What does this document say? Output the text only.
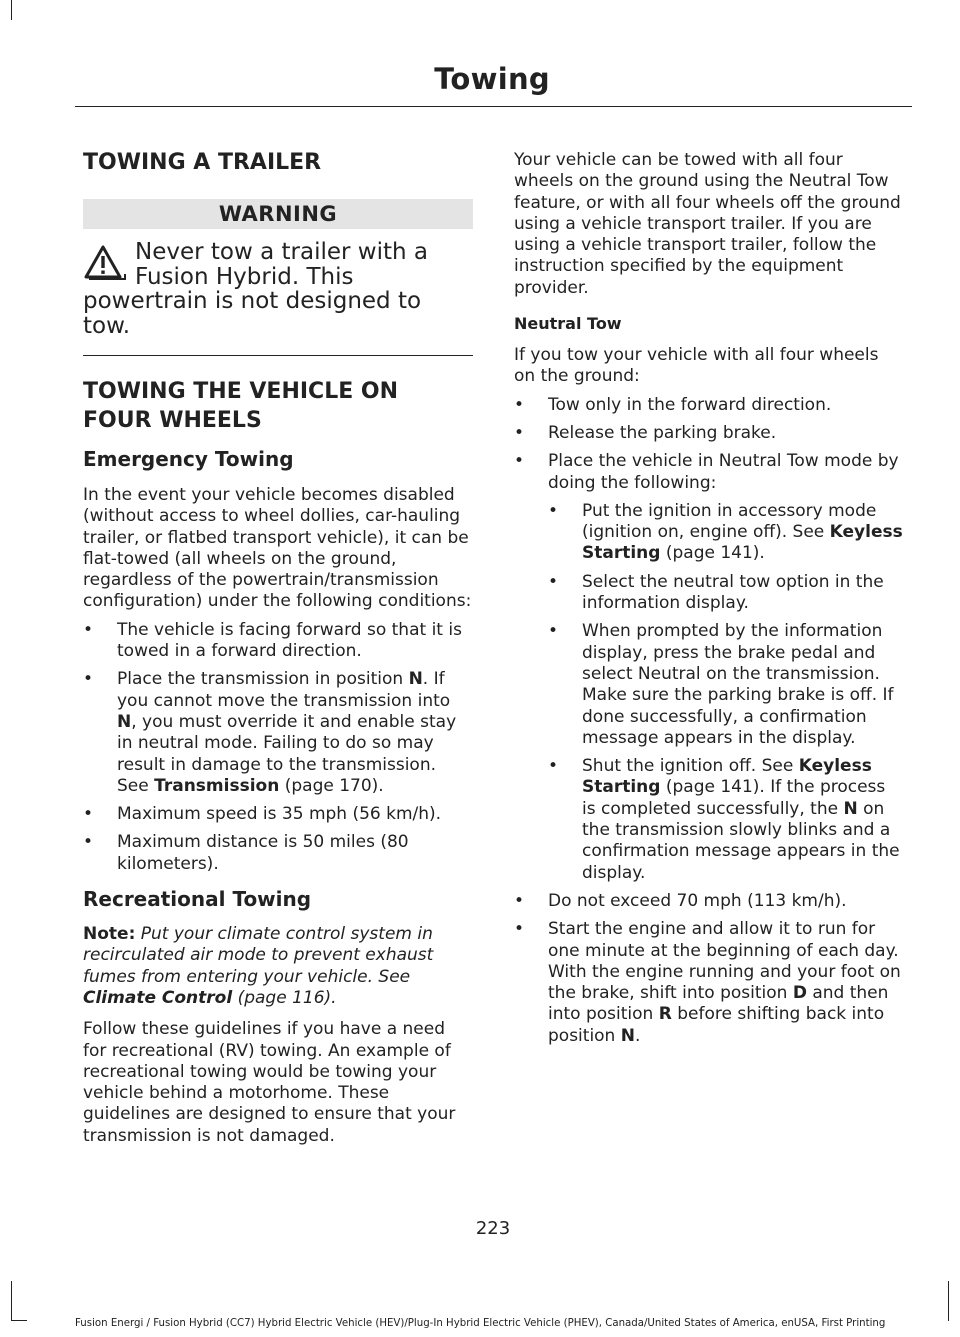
Towing
TOWING A TRAILER
WARNING
Never tow a trailer with a Fusion Hybrid. This powertrain is not designed to tow.
TOWING THE VEHICLE ON
FOUR WHEELS
Emergency Towing

In the event your vehicle becomes disabled (without access to wheel dollies, car-hauling trailer, or flatbed transport vehicle), it can be flat-towed (all wheels on the ground, regardless of the powertrain/transmission configuration) under the following conditions:

• The vehicle is facing forward so that it is towed in a forward direction.
• Place the transmission in position N. If you cannot move the transmission into N, you must override it and enable stay in neutral mode. Failing to do so may result in damage to the transmission. See Transmission (page 170).
• Maximum speed is 35 mph (56 km/h).
• Maximum distance is 50 miles (80 kilometers).
Recreational Towing

Note: Put your climate control system in recirculated air mode to prevent exhaust fumes from entering your vehicle. See Climate Control (page 116).

Follow these guidelines if you have a need for recreational (RV) towing. An example of recreational towing would be towing your vehicle behind a motorhome. These guidelines are designed to ensure that your transmission is not damaged.

Your vehicle can be towed with all four wheels on the ground using the Neutral Tow feature, or with all four wheels off the ground using a vehicle transport trailer. If you are using a vehicle transport trailer, follow the instruction specified by the equipment provider.

Neutral Tow

If you tow your vehicle with all four wheels on the ground:

• Tow only in the forward direction.
• Release the parking brake.
• Place the vehicle in Neutral Tow mode by doing the following:
• Put the ignition in accessory mode (ignition on, engine off). See Keyless Starting (page 141).
• Select the neutral tow option in the information display.
• When prompted by the information display, press the brake pedal and select Neutral on the transmission. Make sure the parking brake is off. If done successfully, a confirmation message appears in the display.
• Shut the ignition off. See Keyless Starting (page 141). If the process is completed successfully, the N on the transmission slowly blinks and a confirmation message appears in the display.
• Do not exceed 70 mph (113 km/h).
• Start the engine and allow it to run for one minute at the beginning of each day. With the engine running and your foot on the brake, shift into position D and then into position R before shifting back into position N.
223
Fusion Energi / Fusion Hybrid (CC7) Hybrid Electric Vehicle (HEV)/Plug-In Hybrid Electric Vehicle (PHEV), Canada/United States of America, enUSA, First Printing
